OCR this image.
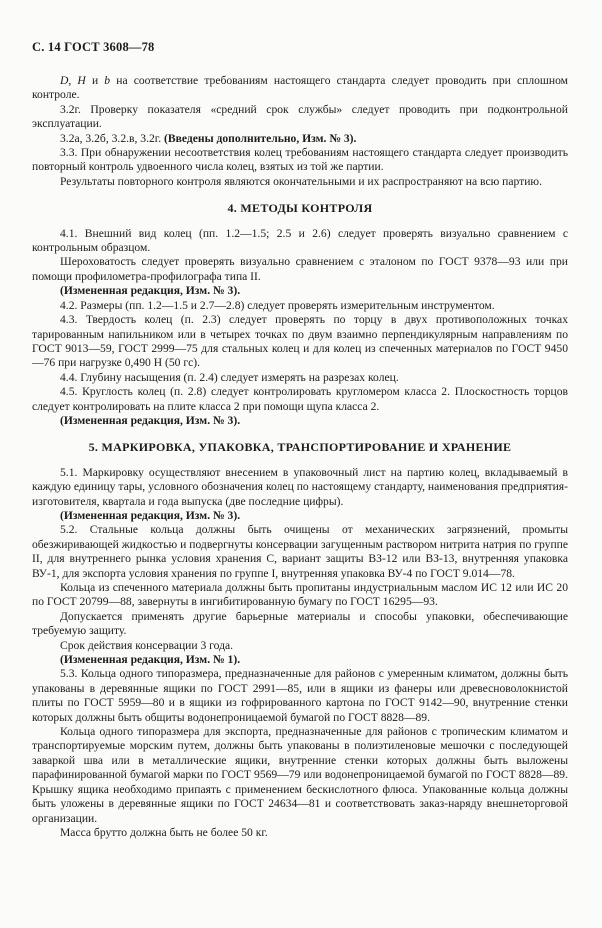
С. 14 ГОСТ 3608—78

D, H и b на соответствие требованиям настоящего стандарта следует проводить при сплошном контроле.

3.2г. Проверку показателя «средний срок службы» следует проводить при подконтрольной эксплуатации.

3.2а, 3.2б, 3.2.в, 3.2г. (Введены дополнительно, Изм. № 3).

3.3. При обнаружении несоответствия колец требованиям настоящего стандарта следует производить повторный контроль удвоенного числа колец, взятых из той же партии.

Результаты повторного контроля являются окончательными и их распространяют на всю партию.

4. МЕТОДЫ КОНТРОЛЯ

4.1. Внешний вид колец (пп. 1.2—1.5; 2.5 и 2.6) следует проверять визуально сравнением с контрольным образцом.

Шероховатость следует проверять визуально сравнением с эталоном по ГОСТ 9378—93 или при помощи профилометра-профилографа типа II.

(Измененная редакция, Изм. № 3).

4.2. Размеры (пп. 1.2—1.5 и 2.7—2.8) следует проверять измерительным инструментом.

4.3. Твердость колец (п. 2.3) следует проверять по торцу в двух противоположных точках тарированным напильником или в четырех точках по двум взаимно перпендикулярным направлениям по ГОСТ 9013—59, ГОСТ 2999—75 для стальных колец и для колец из спеченных материалов по ГОСТ 9450—76 при нагрузке 0,490 Н (50 гс).

4.4. Глубину насыщения (п. 2.4) следует измерять на разрезах колец.

4.5. Круглость колец (п. 2.8) следует контролировать кругломером класса 2. Плоскостность торцов следует контролировать на плите класса 2 при помощи щупа класса 2.

(Измененная редакция, Изм. № 3).

5. МАРКИРОВКА, УПАКОВКА, ТРАНСПОРТИРОВАНИЕ И ХРАНЕНИЕ

5.1. Маркировку осуществляют внесением в упаковочный лист на партию колец, вкладываемый в каждую единицу тары, условного обозначения колец по настоящему стандарту, наименования предприятия-изготовителя, квартала и года выпуска (две последние цифры).

(Измененная редакция, Изм. № 3).

5.2. Стальные кольца должны быть очищены от механических загрязнений, промыты обезжиривающей жидкостью и подвергнуты консервации загущенным раствором нитрита натрия по группе II, для внутреннего рынка условия хранения С, вариант защиты ВЗ-12 или ВЗ-13, внутренняя упаковка ВУ-1, для экспорта условия хранения по группе I, внутренняя упаковка ВУ-4 по ГОСТ 9.014—78.

Кольца из спеченного материала должны быть пропитаны индустриальным маслом ИС 12 или ИС 20 по ГОСТ 20799—88, завернуты в ингибитированную бумагу по ГОСТ 16295—93.

Допускается применять другие барьерные материалы и способы упаковки, обеспечивающие требуемую защиту.

Срок действия консервации 3 года.

(Измененная редакция, Изм. № 1).

5.3. Кольца одного типоразмера, предназначенные для районов с умеренным климатом, должны быть упакованы в деревянные ящики по ГОСТ 2991—85, или в ящики из фанеры или древесноволокнистой плиты по ГОСТ 5959—80 и в ящики из гофрированного картона по ГОСТ 9142—90, внутренние стенки которых должны быть общиты водонепроницаемой бумагой по ГОСТ 8828—89.

Кольца одного типоразмера для экспорта, предназначенные для районов с тропическим климатом и транспортируемые морским путем, должны быть упакованы в полиэтиленовые мешочки с последующей заваркой шва или в металлические ящики, внутренние стенки которых должны быть выложены парафинированной бумагой марки по ГОСТ 9569—79 или водонепроницаемой бумагой по ГОСТ 8828—89. Крышку ящика необходимо припаять с применением бескислотного флюса. Упакованные кольца должны быть уложены в деревянные ящики по ГОСТ 24634—81 и соответствовать заказ-наряду внешнеторговой организации.

Масса брутто должна быть не более 50 кг.
